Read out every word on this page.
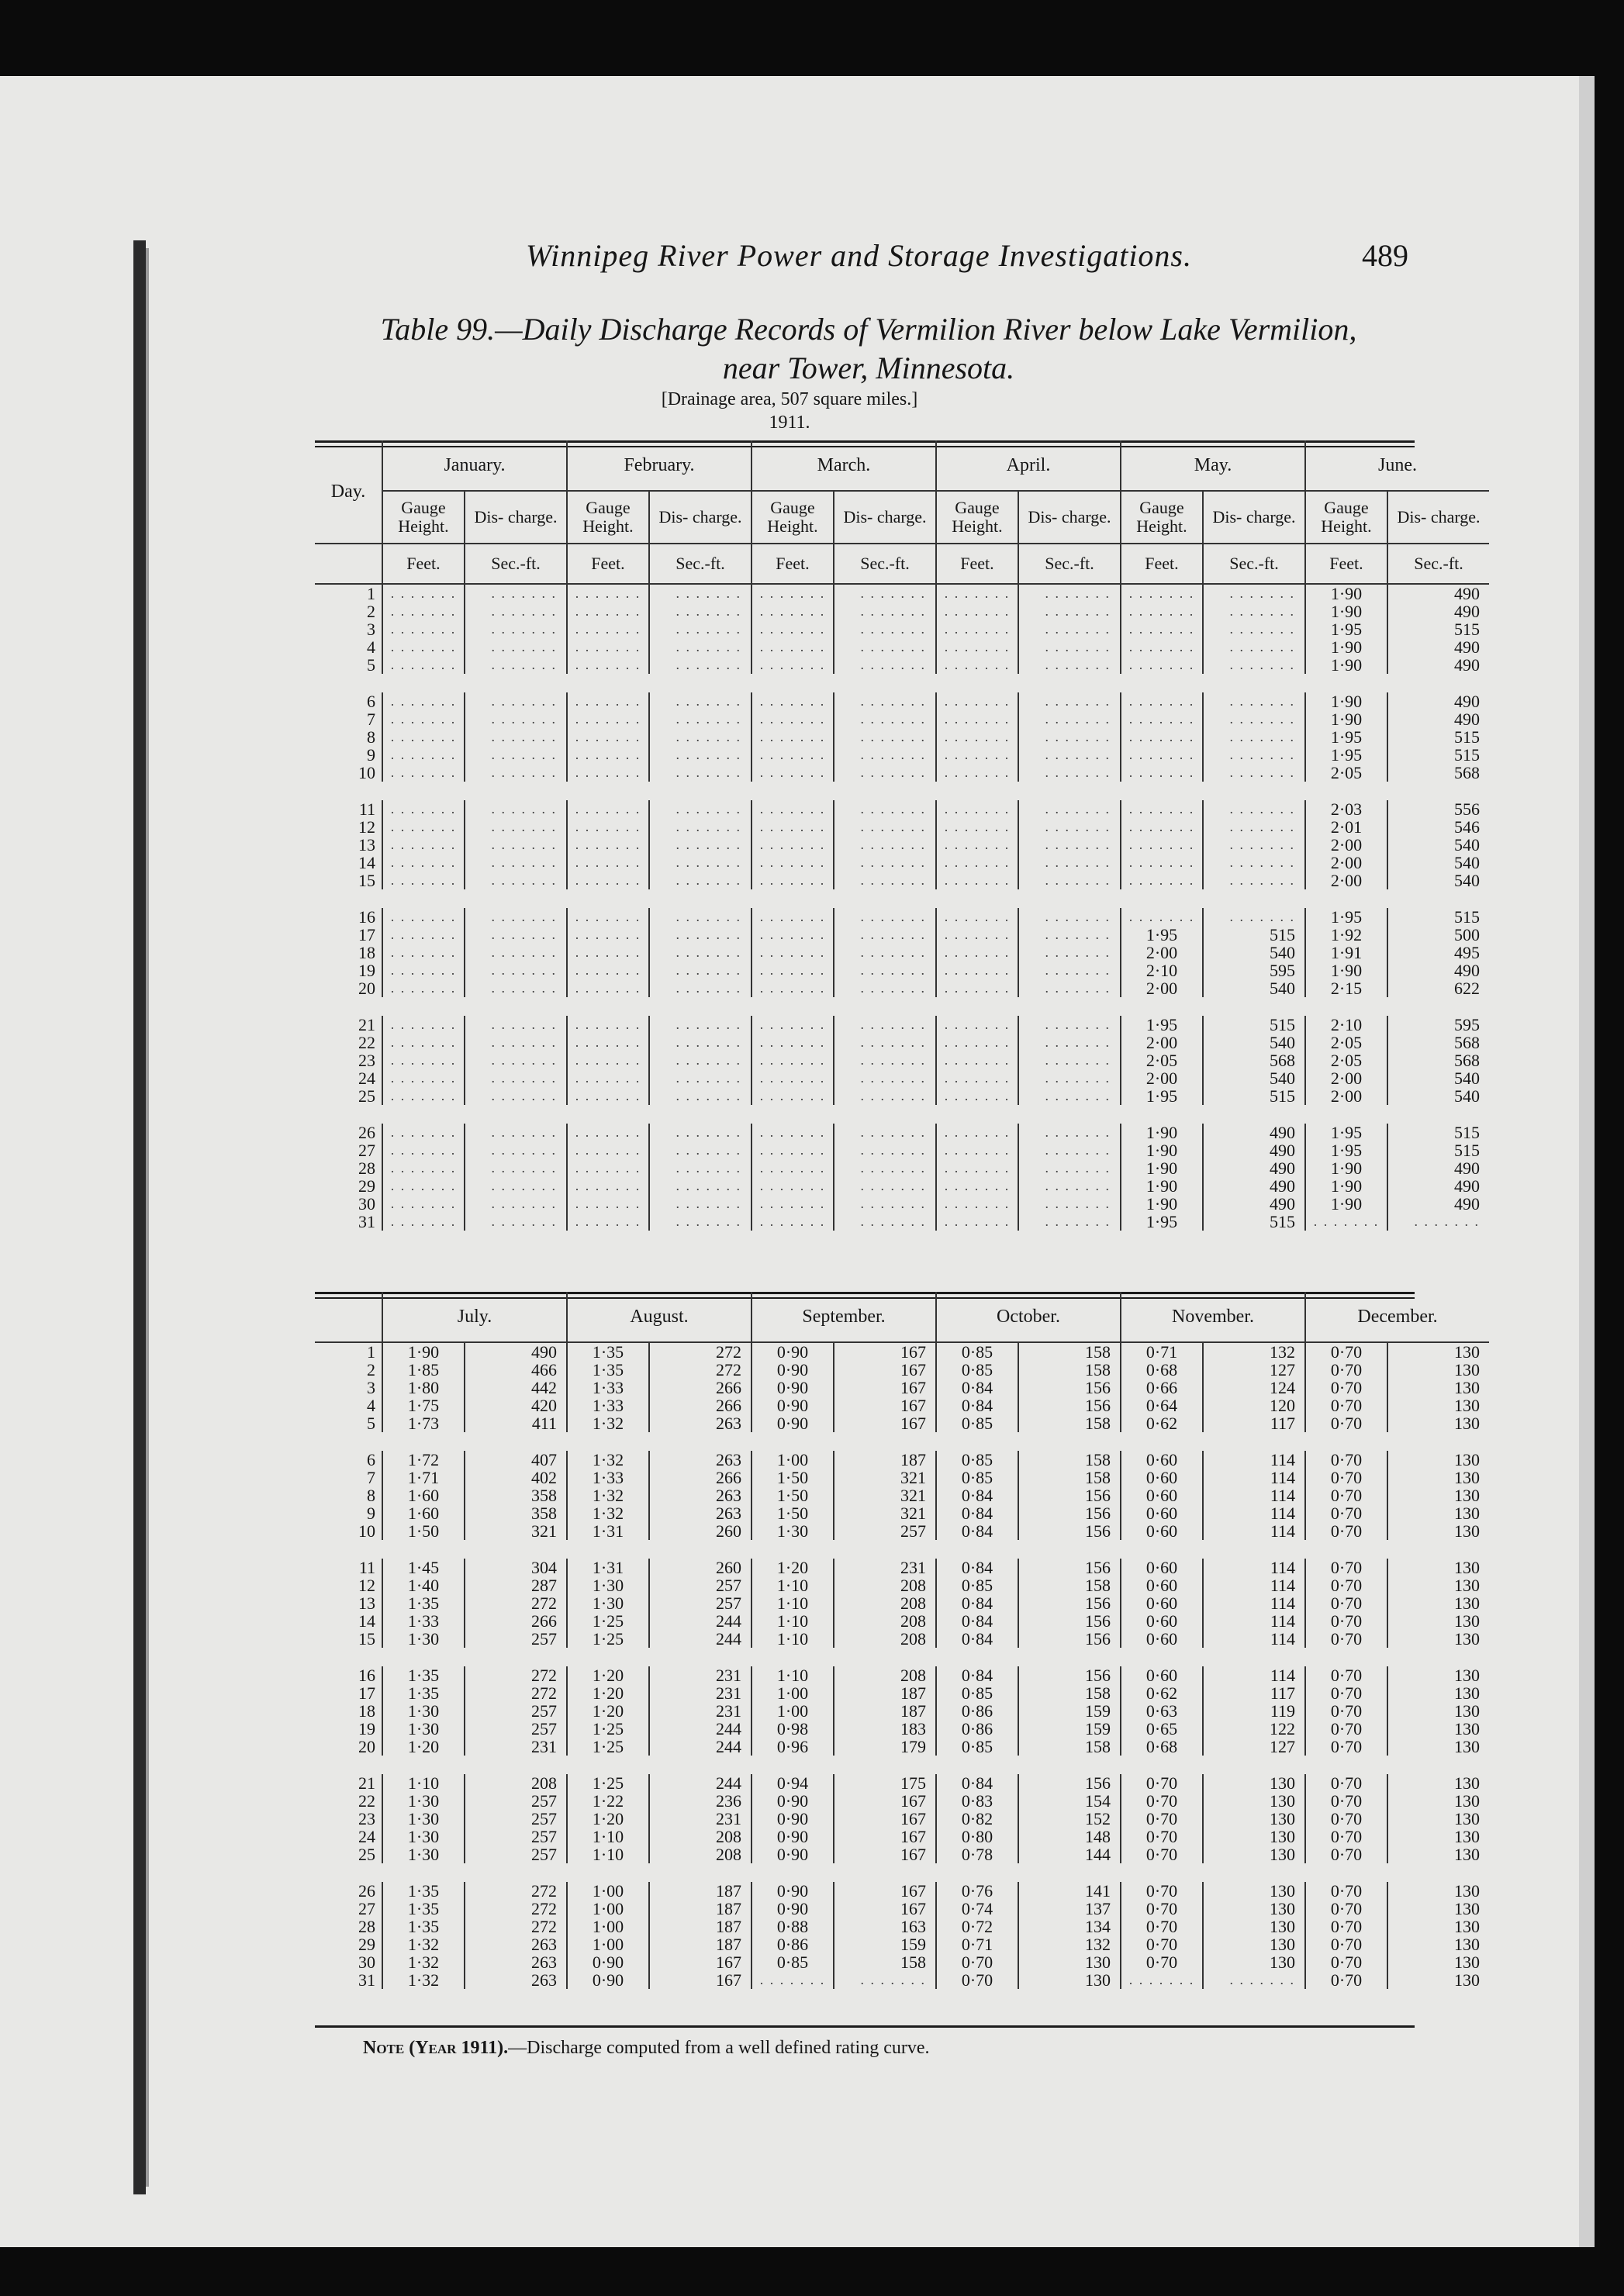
Winnipeg River Power and Storage Investigations.	489
Table 99.—Daily Discharge Records of Vermilion River below Lake Vermilion,
near Tower, Minnesota.
[Drainage area, 507 square miles.]
1911.
Day.	January.		February.		March.		April.		May.		June.	
	Gauge Height.	Dis- charge.	Gauge Height.	Dis- charge.	Gauge Height.	Dis- charge.	Gauge Height.	Dis- charge.	Gauge Height.	Dis- charge.	Gauge Height.	Dis- charge.
	Feet.	Sec.-ft.	Feet.	Sec.-ft.	Feet.	Sec.-ft.	Feet.	Sec.-ft.	Feet.	Sec.-ft.	Feet.	Sec.-ft.
1	. . . . . . .	. . . . . . .	. . . . . . .	. . . . . . .	. . . . . . .	. . . . . . .	. . . . . . .	. . . . . . .	. . . . . . .	. . . . . . .	1·90	490
2	. . . . . . .	. . . . . . .	. . . . . . .	. . . . . . .	. . . . . . .	. . . . . . .	. . . . . . .	. . . . . . .	. . . . . . .	. . . . . . .	1·90	490
3	. . . . . . .	. . . . . . .	. . . . . . .	. . . . . . .	. . . . . . .	. . . . . . .	. . . . . . .	. . . . . . .	. . . . . . .	. . . . . . .	1·95	515
4	. . . . . . .	. . . . . . .	. . . . . . .	. . . . . . .	. . . . . . .	. . . . . . .	. . . . . . .	. . . . . . .	. . . . . . .	. . . . . . .	1·90	490
5	. . . . . . .	. . . . . . .	. . . . . . .	. . . . . . .	. . . . . . .	. . . . . . .	. . . . . . .	. . . . . . .	. . . . . . .	. . . . . . .	1·90	490

6	. . . . . . .	. . . . . . .	. . . . . . .	. . . . . . .	. . . . . . .	. . . . . . .	. . . . . . .	. . . . . . .	. . . . . . .	. . . . . . .	1·90	490
7	. . . . . . .	. . . . . . .	. . . . . . .	. . . . . . .	. . . . . . .	. . . . . . .	. . . . . . .	. . . . . . .	. . . . . . .	. . . . . . .	1·90	490
8	. . . . . . .	. . . . . . .	. . . . . . .	. . . . . . .	. . . . . . .	. . . . . . .	. . . . . . .	. . . . . . .	. . . . . . .	. . . . . . .	1·95	515
9	. . . . . . .	. . . . . . .	. . . . . . .	. . . . . . .	. . . . . . .	. . . . . . .	. . . . . . .	. . . . . . .	. . . . . . .	. . . . . . .	1·95	515
10	. . . . . . .	. . . . . . .	. . . . . . .	. . . . . . .	. . . . . . .	. . . . . . .	. . . . . . .	. . . . . . .	. . . . . . .	. . . . . . .	2·05	568

11	. . . . . . .	. . . . . . .	. . . . . . .	. . . . . . .	. . . . . . .	. . . . . . .	. . . . . . .	. . . . . . .	. . . . . . .	. . . . . . .	2·03	556
12	. . . . . . .	. . . . . . .	. . . . . . .	. . . . . . .	. . . . . . .	. . . . . . .	. . . . . . .	. . . . . . .	. . . . . . .	. . . . . . .	2·01	546
13	. . . . . . .	. . . . . . .	. . . . . . .	. . . . . . .	. . . . . . .	. . . . . . .	. . . . . . .	. . . . . . .	. . . . . . .	. . . . . . .	2·00	540
14	. . . . . . .	. . . . . . .	. . . . . . .	. . . . . . .	. . . . . . .	. . . . . . .	. . . . . . .	. . . . . . .	. . . . . . .	. . . . . . .	2·00	540
15	. . . . . . .	. . . . . . .	. . . . . . .	. . . . . . .	. . . . . . .	. . . . . . .	. . . . . . .	. . . . . . .	. . . . . . .	. . . . . . .	2·00	540

16	. . . . . . .	. . . . . . .	. . . . . . .	. . . . . . .	. . . . . . .	. . . . . . .	. . . . . . .	. . . . . . .	. . . . . . .	. . . . . . .	1·95	515
17	. . . . . . .	. . . . . . .	. . . . . . .	. . . . . . .	. . . . . . .	. . . . . . .	. . . . . . .	. . . . . . .	1·95	515	1·92	500
18	. . . . . . .	. . . . . . .	. . . . . . .	. . . . . . .	. . . . . . .	. . . . . . .	. . . . . . .	. . . . . . .	2·00	540	1·91	495
19	. . . . . . .	. . . . . . .	. . . . . . .	. . . . . . .	. . . . . . .	. . . . . . .	. . . . . . .	. . . . . . .	2·10	595	1·90	490
20	. . . . . . .	. . . . . . .	. . . . . . .	. . . . . . .	. . . . . . .	. . . . . . .	. . . . . . .	. . . . . . .	2·00	540	2·15	622

21	. . . . . . .	. . . . . . .	. . . . . . .	. . . . . . .	. . . . . . .	. . . . . . .	. . . . . . .	. . . . . . .	1·95	515	2·10	595
22	. . . . . . .	. . . . . . .	. . . . . . .	. . . . . . .	. . . . . . .	. . . . . . .	. . . . . . .	. . . . . . .	2·00	540	2·05	568
23	. . . . . . .	. . . . . . .	. . . . . . .	. . . . . . .	. . . . . . .	. . . . . . .	. . . . . . .	. . . . . . .	2·05	568	2·05	568
24	. . . . . . .	. . . . . . .	. . . . . . .	. . . . . . .	. . . . . . .	. . . . . . .	. . . . . . .	. . . . . . .	2·00	540	2·00	540
25	. . . . . . .	. . . . . . .	. . . . . . .	. . . . . . .	. . . . . . .	. . . . . . .	. . . . . . .	. . . . . . .	1·95	515	2·00	540

26	. . . . . . .	. . . . . . .	. . . . . . .	. . . . . . .	. . . . . . .	. . . . . . .	. . . . . . .	. . . . . . .	1·90	490	1·95	515
27	. . . . . . .	. . . . . . .	. . . . . . .	. . . . . . .	. . . . . . .	. . . . . . .	. . . . . . .	. . . . . . .	1·90	490	1·95	515
28	. . . . . . .	. . . . . . .	. . . . . . .	. . . . . . .	. . . . . . .	. . . . . . .	. . . . . . .	. . . . . . .	1·90	490	1·90	490
29	. . . . . . .	. . . . . . .	. . . . . . .	. . . . . . .	. . . . . . .	. . . . . . .	. . . . . . .	. . . . . . .	1·90	490	1·90	490
30	. . . . . . .	. . . . . . .	. . . . . . .	. . . . . . .	. . . . . . .	. . . . . . .	. . . . . . .	. . . . . . .	1·90	490	1·90	490
31	. . . . . . .	. . . . . . .	. . . . . . .	. . . . . . .	. . . . . . .	. . . . . . .	. . . . . . .	. . . . . . .	1·95	515	. . . . . . .	. . . . . . .
	July.		August.		September.		October.		November.		December.	
1	1·90	490	1·35	272	0·90	167	0·85	158	0·71	132	0·70	130
2	1·85	466	1·35	272	0·90	167	0·85	158	0·68	127	0·70	130
3	1·80	442	1·33	266	0·90	167	0·84	156	0·66	124	0·70	130
4	1·75	420	1·33	266	0·90	167	0·84	156	0·64	120	0·70	130
5	1·73	411	1·32	263	0·90	167	0·85	158	0·62	117	0·70	130

6	1·72	407	1·32	263	1·00	187	0·85	158	0·60	114	0·70	130
7	1·71	402	1·33	266	1·50	321	0·85	158	0·60	114	0·70	130
8	1·60	358	1·32	263	1·50	321	0·84	156	0·60	114	0·70	130
9	1·60	358	1·32	263	1·50	321	0·84	156	0·60	114	0·70	130
10	1·50	321	1·31	260	1·30	257	0·84	156	0·60	114	0·70	130

11	1·45	304	1·31	260	1·20	231	0·84	156	0·60	114	0·70	130
12	1·40	287	1·30	257	1·10	208	0·85	158	0·60	114	0·70	130
13	1·35	272	1·30	257	1·10	208	0·84	156	0·60	114	0·70	130
14	1·33	266	1·25	244	1·10	208	0·84	156	0·60	114	0·70	130
15	1·30	257	1·25	244	1·10	208	0·84	156	0·60	114	0·70	130

16	1·35	272	1·20	231	1·10	208	0·84	156	0·60	114	0·70	130
17	1·35	272	1·20	231	1·00	187	0·85	158	0·62	117	0·70	130
18	1·30	257	1·20	231	1·00	187	0·86	159	0·63	119	0·70	130
19	1·30	257	1·25	244	0·98	183	0·86	159	0·65	122	0·70	130
20	1·20	231	1·25	244	0·96	179	0·85	158	0·68	127	0·70	130

21	1·10	208	1·25	244	0·94	175	0·84	156	0·70	130	0·70	130
22	1·30	257	1·22	236	0·90	167	0·83	154	0·70	130	0·70	130
23	1·30	257	1·20	231	0·90	167	0·82	152	0·70	130	0·70	130
24	1·30	257	1·10	208	0·90	167	0·80	148	0·70	130	0·70	130
25	1·30	257	1·10	208	0·90	167	0·78	144	0·70	130	0·70	130

26	1·35	272	1·00	187	0·90	167	0·76	141	0·70	130	0·70	130
27	1·35	272	1·00	187	0·90	167	0·74	137	0·70	130	0·70	130
28	1·35	272	1·00	187	0·88	163	0·72	134	0·70	130	0·70	130
29	1·32	263	1·00	187	0·86	159	0·71	132	0·70	130	0·70	130
30	1·32	263	0·90	167	0·85	158	0·70	130	0·70	130	0·70	130
31	1·32	263	0·90	167	. . . . . . .	. . . . . . .	0·70	130	. . . . . . .	. . . . . . .	0·70	130
Note (Year 1911).—Discharge computed from a well defined rating curve.
